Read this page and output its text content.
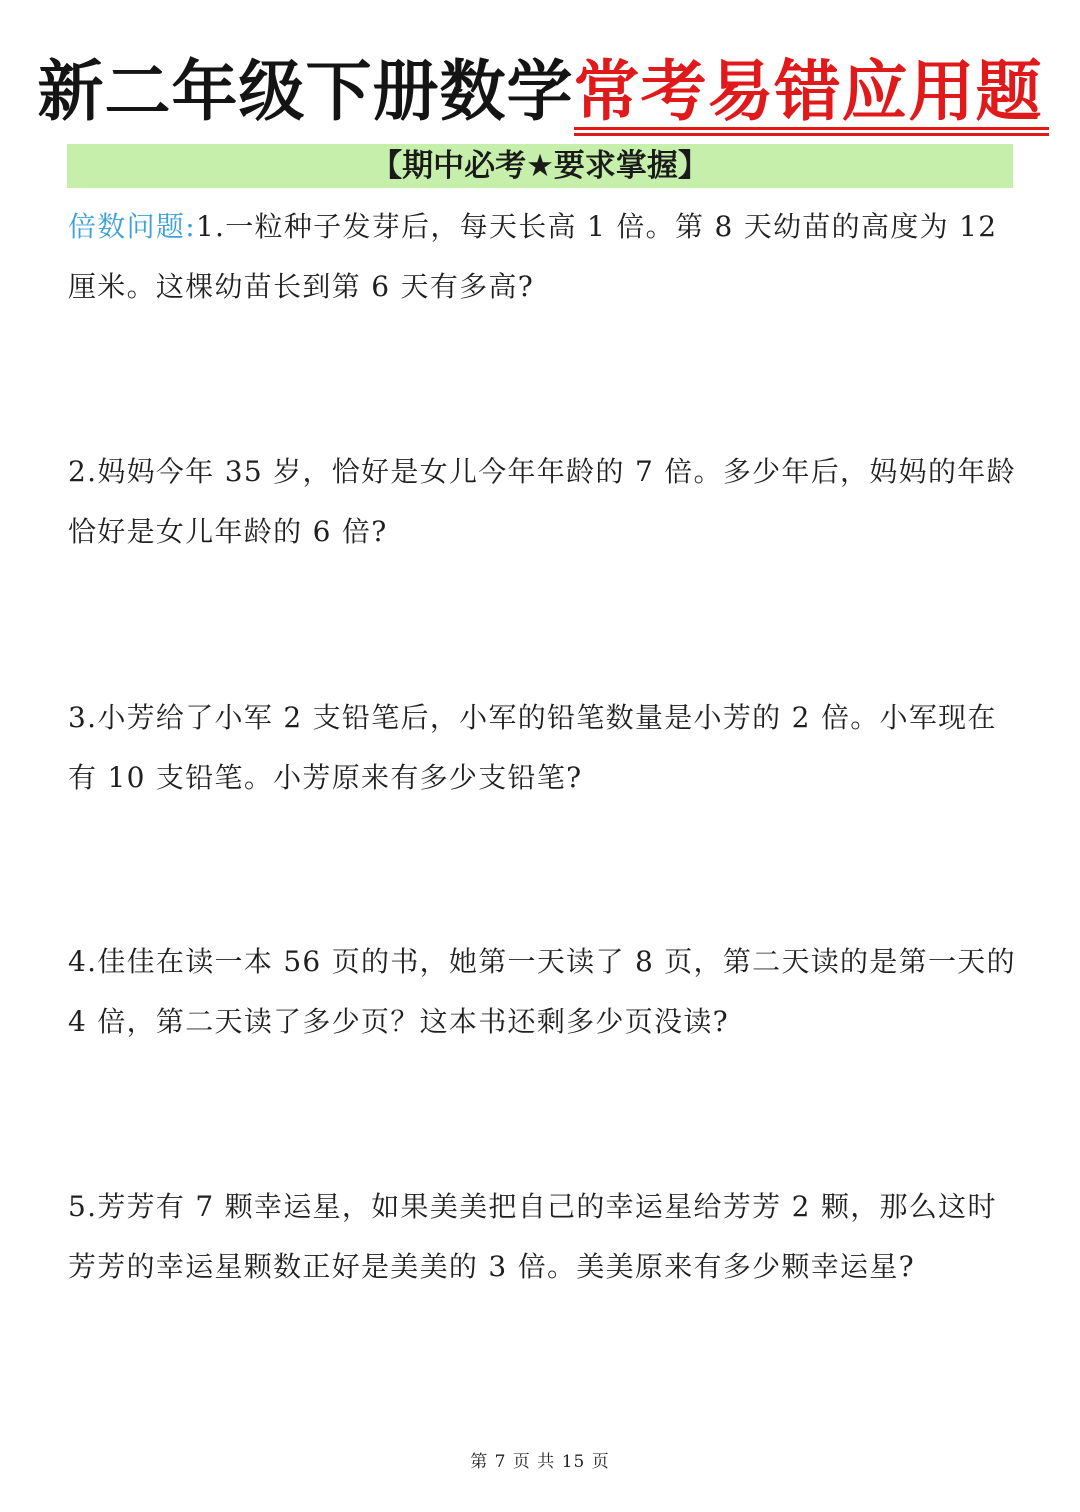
新二年级下册数学常考易错应用题
【期中必考★要求掌握】
倍数问题:1.一粒种子发芽后，每天长高 1 倍。第 8 天幼苗的高度为 12 厘米。这棵幼苗长到第 6 天有多高?
2.妈妈今年 35 岁，恰好是女儿今年年龄的 7 倍。多少年后，妈妈的年龄恰好是女儿年龄的 6 倍?
3.小芳给了小军 2 支铅笔后，小军的铅笔数量是小芳的 2 倍。小军现在有 10 支铅笔。小芳原来有多少支铅笔?
4.佳佳在读一本 56 页的书，她第一天读了 8 页，第二天读的是第一天的 4 倍，第二天读了多少页？这本书还剩多少页没读?
5.芳芳有 7 颗幸运星，如果美美把自己的幸运星给芳芳 2 颗，那么这时芳芳的幸运星颗数正好是美美的 3 倍。美美原来有多少颗幸运星?
第 7 页 共 15 页
